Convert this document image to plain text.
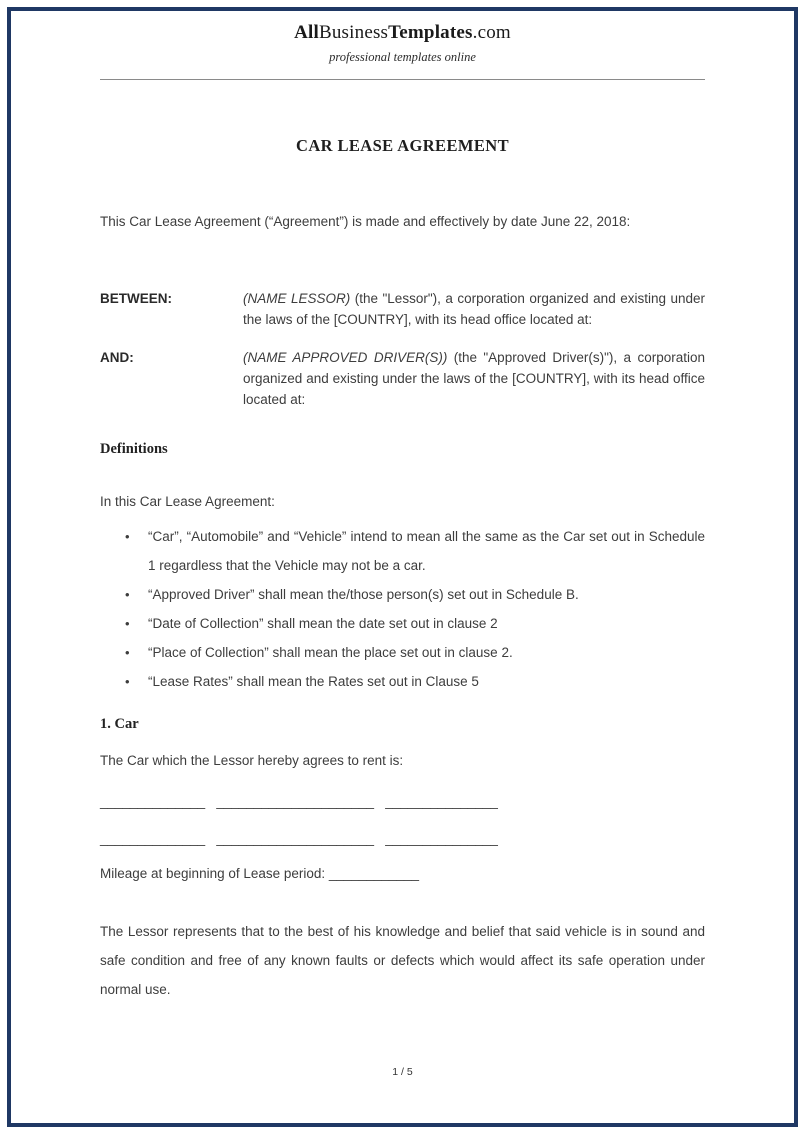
AllBusinessTemplates.com
professional templates online
CAR LEASE AGREEMENT

This Car Lease Agreement (“Agreement”) is made and effectively by date June 22, 2018:

BETWEEN:	(NAME LESSOR) (the "Lessor"), a corporation organized and existing under the laws of the [COUNTRY], with its head office located at:
AND:	(NAME APPROVED DRIVER(S)) (the "Approved Driver(s)"), a corporation organized and existing under the laws of the [COUNTRY], with its head office located at:
Definitions

In this Car Lease Agreement:

• “Car”, “Automobile” and “Vehicle” intend to mean all the same as the Car set out in Schedule 1 regardless that the Vehicle may not be a car.
• “Approved Driver” shall mean the/those person(s) set out in Schedule B.
• “Date of Collection” shall mean the date set out in clause 2
• “Place of Collection” shall mean the place set out in clause 2.
• “Lease Rates” shall mean the Rates set out in Clause 5
1. Car

The Car which the Lessor hereby agrees to rent is:

______________   _____________________   _______________

______________   _____________________   _______________

Mileage at beginning of Lease period: ____________

The Lessor represents that to the best of his knowledge and belief that said vehicle is in sound and safe condition and free of any known faults or defects which would affect its safe operation under normal use.

1 / 5
